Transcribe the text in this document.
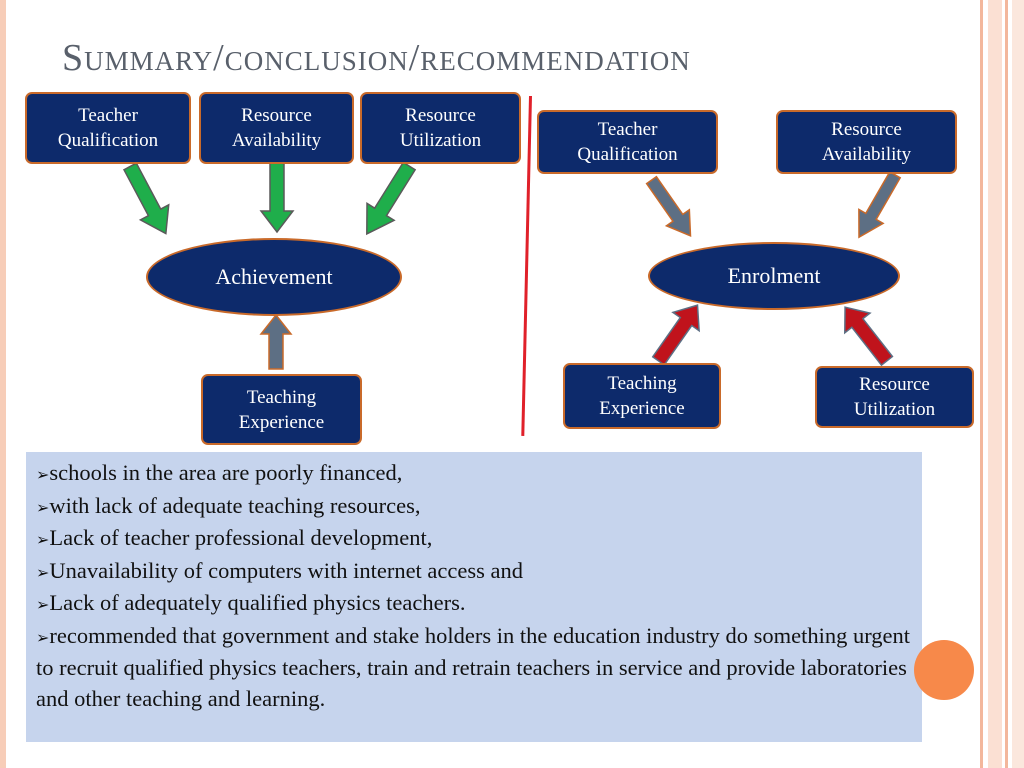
Summary/conclusion/recommendation
Teacher
Qualification
Resource
Availability
Resource
Utilization
Achievement
Teaching
Experience
Teacher
Qualification
Resource
Availability
Enrolment
Teaching
Experience
Resource
Utilization

➢schools in the area are poorly financed,

➢with lack of adequate teaching resources,

➢Lack of teacher professional development,

➢Unavailability of computers with internet access and

➢Lack of adequately qualified physics teachers.

➢recommended that government and stake holders in the education industry do something urgent to recruit qualified physics teachers, train and retrain teachers in service and provide laboratories and other teaching and learning.
